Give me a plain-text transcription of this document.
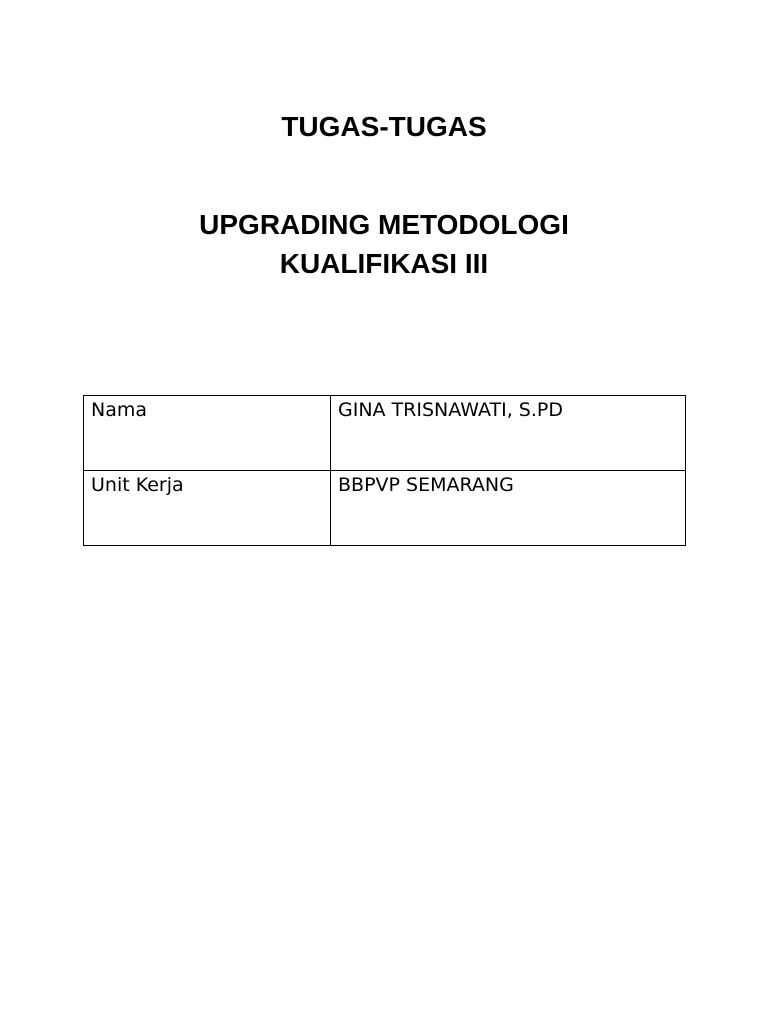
TUGAS-TUGAS
UPGRADING METODOLOGI
KUALIFIKASI III
Nama	GINA TRISNAWATI, S.PD
Unit Kerja	BBPVP SEMARANG
